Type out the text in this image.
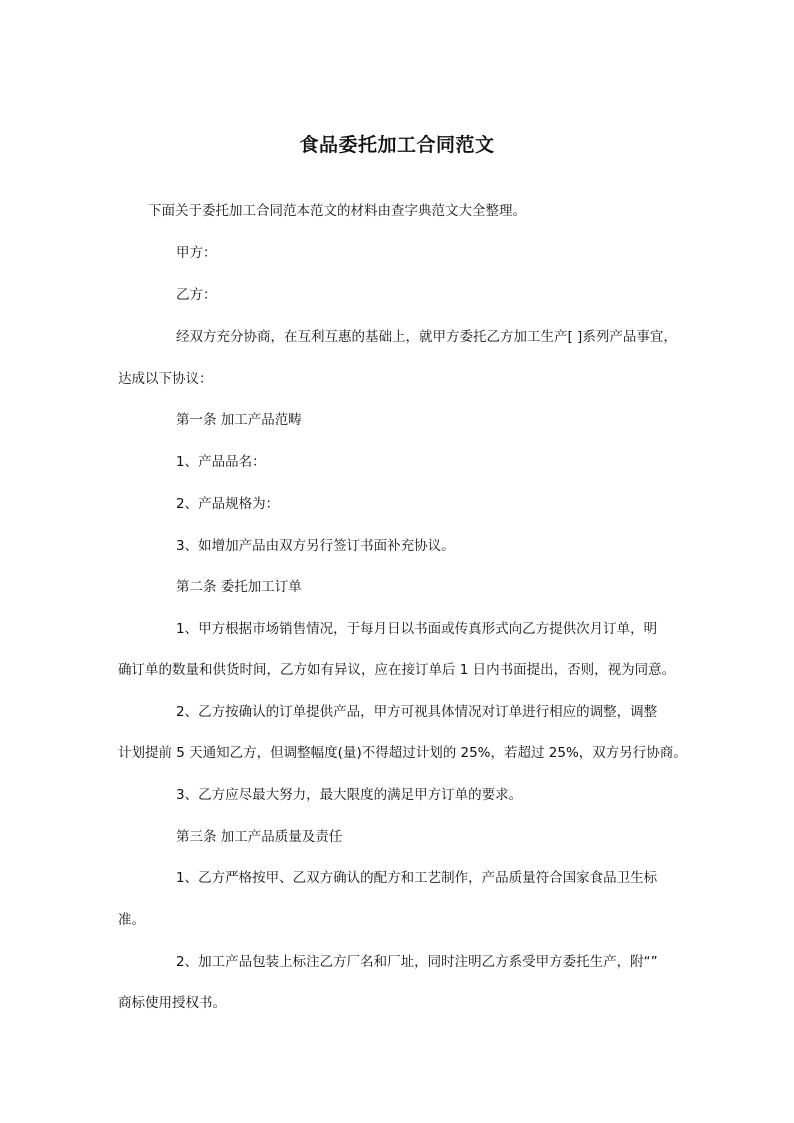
食品委托加工合同范文
下面关于委托加工合同范本范文的材料由查字典范文大全整理。
甲方：
乙方：
经双方充分协商，在互利互惠的基础上，就甲方委托乙方加工生产[ ]系列产品事宜，
达成以下协议：
第一条 加工产品范畴
1、产品品名：
2、产品规格为：
3、如增加产品由双方另行签订书面补充协议。
第二条 委托加工订单
1、甲方根据市场销售情况，于每月日以书面或传真形式向乙方提供次月订单，明
确订单的数量和供货时间，乙方如有异议，应在接订单后 1 日内书面提出，否则，视为同意。
2、乙方按确认的订单提供产品，甲方可视具体情况对订单进行相应的调整，调整
计划提前 5 天通知乙方，但调整幅度(量)不得超过计划的 25%，若超过 25%，双方另行协商。
3、乙方应尽最大努力，最大限度的满足甲方订单的要求。
第三条 加工产品质量及责任
1、乙方严格按甲、乙双方确认的配方和工艺制作，产品质量符合国家食品卫生标
准。
2、加工产品包装上标注乙方厂名和厂址，同时注明乙方系受甲方委托生产，附“”
商标使用授权书。
